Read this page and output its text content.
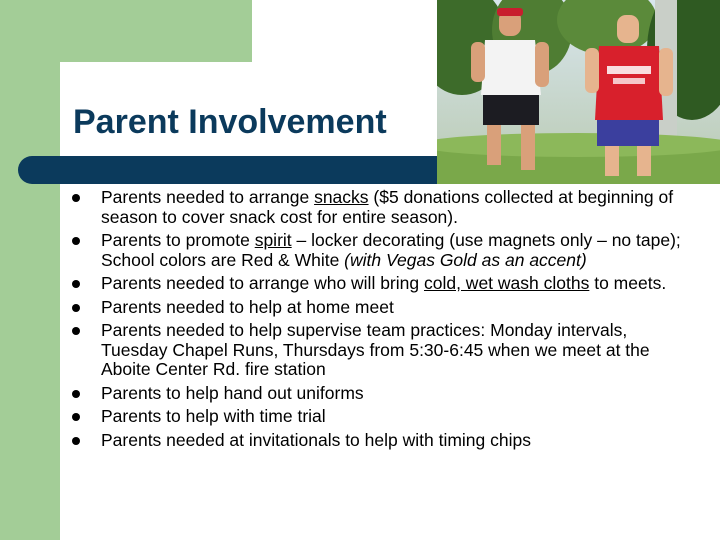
Parent Involvement
Parents needed to arrange snacks ($5 donations collected at beginning of season to cover snack cost for entire season).
Parents to promote spirit – locker decorating (use magnets only – no tape); School colors are Red & White (with Vegas Gold as an accent)
Parents needed to arrange who will bring cold, wet wash cloths to meets.
Parents needed to help at home meet
Parents needed to help supervise team practices: Monday intervals, Tuesday Chapel Runs, Thursdays from 5:30-6:45 when we meet at the Aboite Center Rd. fire station
Parents to help hand out uniforms
Parents to help with time trial
Parents needed at invitationals to help with timing chips
